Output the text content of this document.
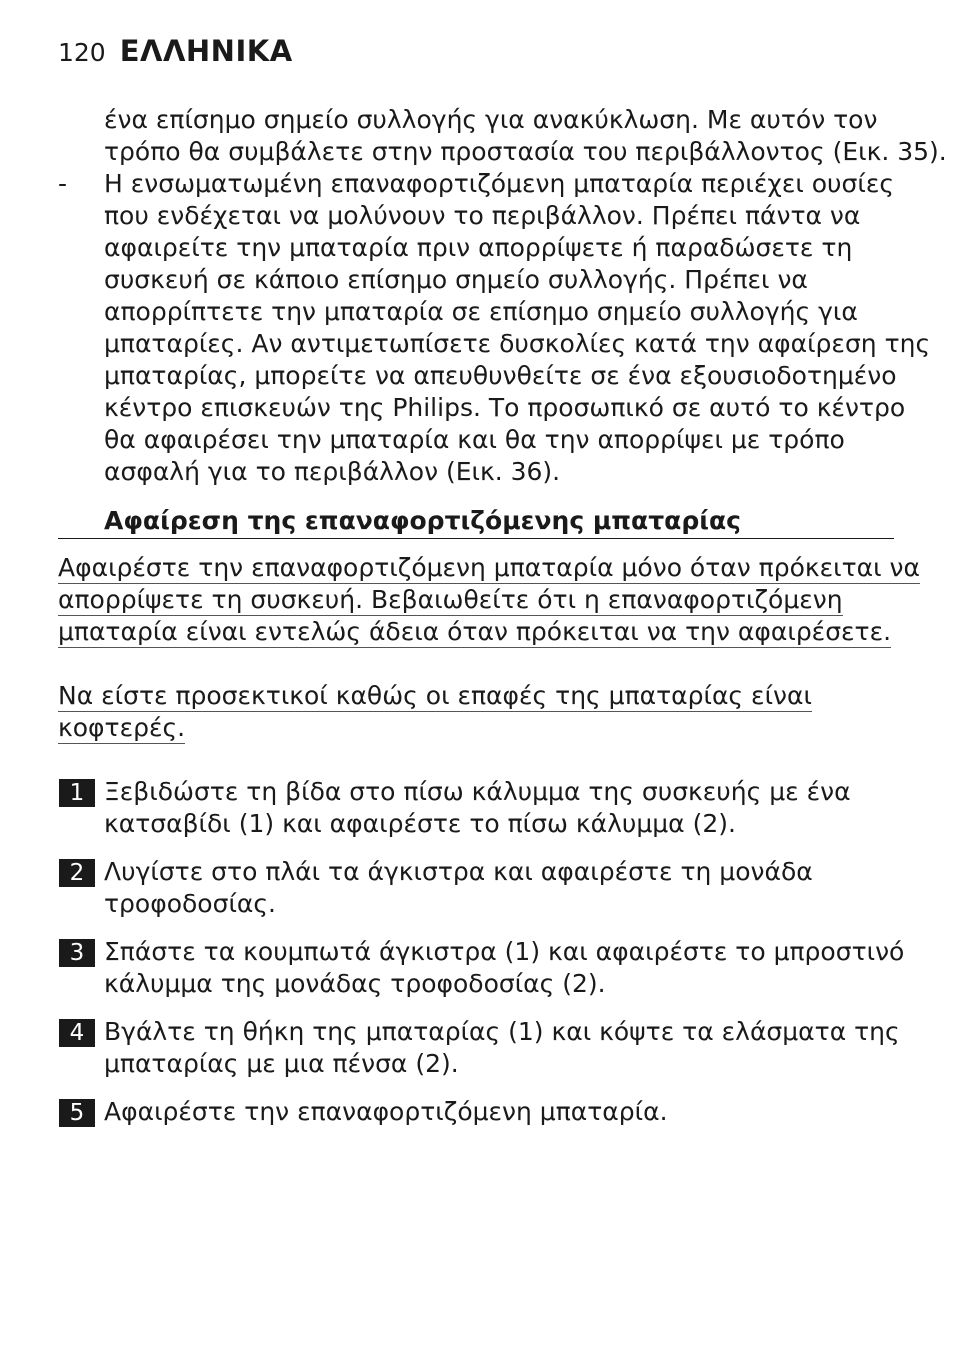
120 ΕΛΛΗΝΙΚΑ
ένα επίσημο σημείο συλλογής για ανακύκλωση. Με αυτόν τον
τρόπο θα συμβάλετε στην προστασία του περιβάλλοντος (Εικ. 35).
- Η ενσωματωμένη επαναφορτιζόμενη μπαταρία περιέχει ουσίες
που ενδέχεται να μολύνουν το περιβάλλον. Πρέπει πάντα να
αφαιρείτε την μπαταρία πριν απορρίψετε ή παραδώσετε τη
συσκευή σε κάποιο επίσημο σημείο συλλογής. Πρέπει να
απορρίπτετε την μπαταρία σε επίσημο σημείο συλλογής για
μπαταρίες. Αν αντιμετωπίσετε δυσκολίες κατά την αφαίρεση της
μπαταρίας, μπορείτε να απευθυνθείτε σε ένα εξουσιοδοτημένο
κέντρο επισκευών της Philips. Το προσωπικό σε αυτό το κέντρο
θα αφαιρέσει την μπαταρία και θα την απορρίψει με τρόπο
ασφαλή για το περιβάλλον (Εικ. 36).
Αφαίρεση της επαναφορτιζόμενης μπαταρίας
Αφαιρέστε την επαναφορτιζόμενη μπαταρία μόνο όταν πρόκειται να
απορρίψετε τη συσκευή. Βεβαιωθείτε ότι η επαναφορτιζόμενη
μπαταρία είναι εντελώς άδεια όταν πρόκειται να την αφαιρέσετε.
Να είστε προσεκτικοί καθώς οι επαφές της μπαταρίας είναι
κοφτερές.
1 Ξεβιδώστε τη βίδα στο πίσω κάλυμμα της συσκευής με ένα
κατσαβίδι (1) και αφαιρέστε το πίσω κάλυμμα (2).
2 Λυγίστε στο πλάι τα άγκιστρα και αφαιρέστε τη μονάδα
τροφοδοσίας.
3 Σπάστε τα κουμπωτά άγκιστρα (1) και αφαιρέστε το μπροστινό
κάλυμμα της μονάδας τροφοδοσίας (2).
4 Βγάλτε τη θήκη της μπαταρίας (1) και κόψτε τα ελάσματα της
μπαταρίας με μια πένσα (2).
5 Αφαιρέστε την επαναφορτιζόμενη μπαταρία.
